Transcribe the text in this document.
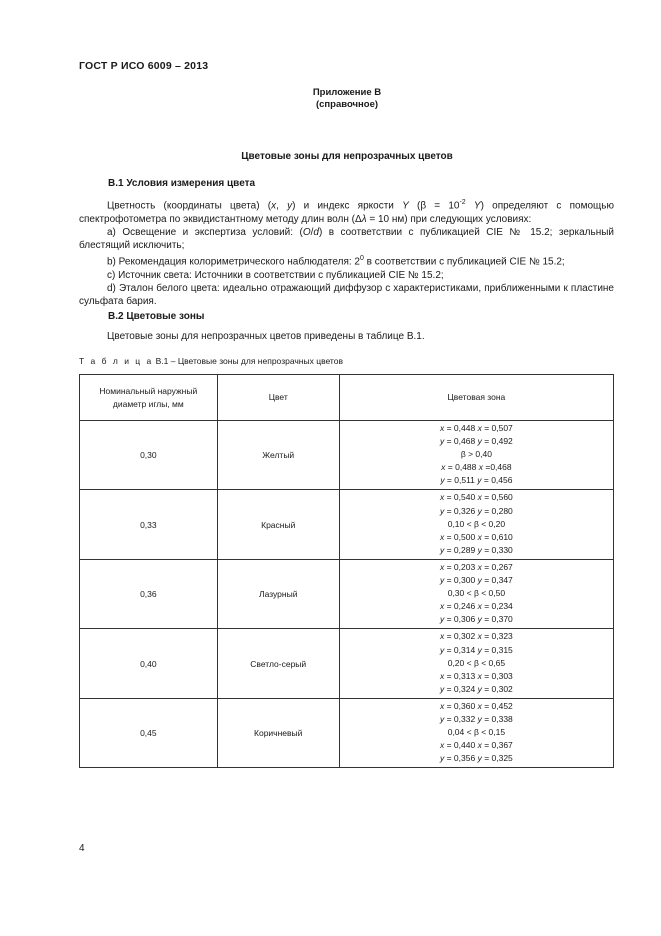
ГОСТ Р ИСО 6009 – 2013
Приложение В
(справочное)
Цветовые зоны для непрозрачных цветов
В.1 Условия измерения цвета

Цветность (координаты цвета) (x, y) и индекс яркости Y ($\beta = 10^{-2}$ Y) определяют с помощью спектрофотометра по эквидистантному методу длин волн (Δλ = 10 нм) при следующих условиях:

а) Освещение и экспертиза условий: (O/d) в соответствии с публикацией CIE № 15.2; зеркальный блестящий исключить;

b) Рекомендация колориметрического наблюдателя: $2^0$ в соответствии с публикацией CIE № 15.2;

с) Источник света: Источники в соответствии с публикацией CIE № 15.2;

d) Эталон белого цвета: идеально отражающий диффузор с характеристиками, приближенными к пластине сульфата бария.

В.2 Цветовые зоны

Цветовые зоны для непрозрачных цветов приведены в таблице В.1.

Т а б л и ц а В.1 – Цветовые зоны для непрозрачных цветов
Номинальный наружный диаметр иглы, мм	Цвет	Цветовая зона
0,30	Желтый	x = 0,448 x = 0,507
y = 0,468 y = 0,492
β > 0,40
x = 0,488 x =0,468
y = 0,511 y = 0,456

0,33	Красный	x = 0,540 x = 0,560
y = 0,326 y = 0,280
0,10 < β < 0,20
x = 0,500 x = 0,610
y = 0,289 y = 0,330

0,36	Лазурный	x = 0,203 x = 0,267
y = 0,300 y = 0,347
0,30 < β < 0,50
x = 0,246 x = 0,234
y = 0,306 y = 0,370

0,40	Светло-серый	x = 0,302 x = 0,323
y = 0,314 y = 0,315
0,20 < β < 0,65
x = 0,313 x = 0,303
y = 0,324 y = 0,302

0,45	Коричневый	x = 0,360 x = 0,452
y = 0,332 y = 0,338
0,04 < β < 0,15
x = 0,440 x = 0,367
y = 0,356 y = 0,325
4
